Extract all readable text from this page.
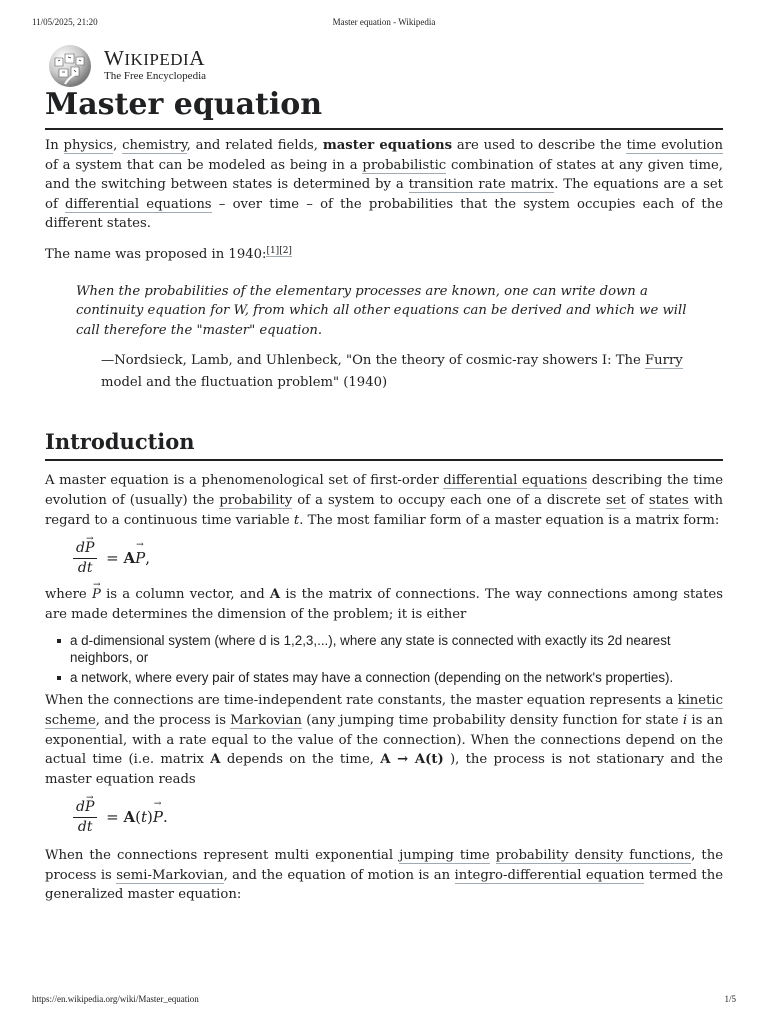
11/05/2025, 21:20	Master equation - Wikipedia
WIKIPEDIA
The Free Encyclopedia
Master equation

In physics, chemistry, and related fields, master equations are used to describe the time evolution of a system that can be modeled as being in a probabilistic combination of states at any given time, and the switching between states is determined by a transition rate matrix. The equations are a set of differential equations – over time – of the probabilities that the system occupies each of the different states.

The name was proposed in 1940:[1][2]

When the probabilities of the elementary processes are known, one can write down a continuity equation for W, from which all other equations can be derived and which we will call therefore the "master" equation.
—Nordsieck, Lamb, and Uhlenbeck, "On the theory of cosmic-ray showers I: The Furry model and the fluctuation problem" (1940)
Introduction

A master equation is a phenomenological set of first-order differential equations describing the time evolution of (usually) the probability of a system to occupy each one of a discrete set of states with regard to a continuous time variable t. The most familiar form of a master equation is a matrix form:

$\frac{d\to P}{dt} = A\to P$,

where → P is a column vector, and A is the matrix of connections. The way connections among states are made determines the dimension of the problem; it is either

a d-dimensional system (where d is 1,2,3,...), where any state is connected with exactly its 2d nearest neighbors, or
a network, where every pair of states may have a connection (depending on the network's properties).

When the connections are time-independent rate constants, the master equation represents a kinetic scheme, and the process is Markovian (any jumping time probability density function for state i is an exponential, with a rate equal to the value of the connection). When the connections depend on the actual time (i.e. matrix A depends on the time, A → A(t) ), the process is not stationary and the master equation reads

$\frac{d\to P}{dt} = A(t)\to P$.

When the connections represent multi exponential jumping time probability density functions, the process is semi-Markovian, and the equation of motion is an integro-differential equation termed the generalized master equation:

https://en.wikipedia.org/wiki/Master_equation	1/5
